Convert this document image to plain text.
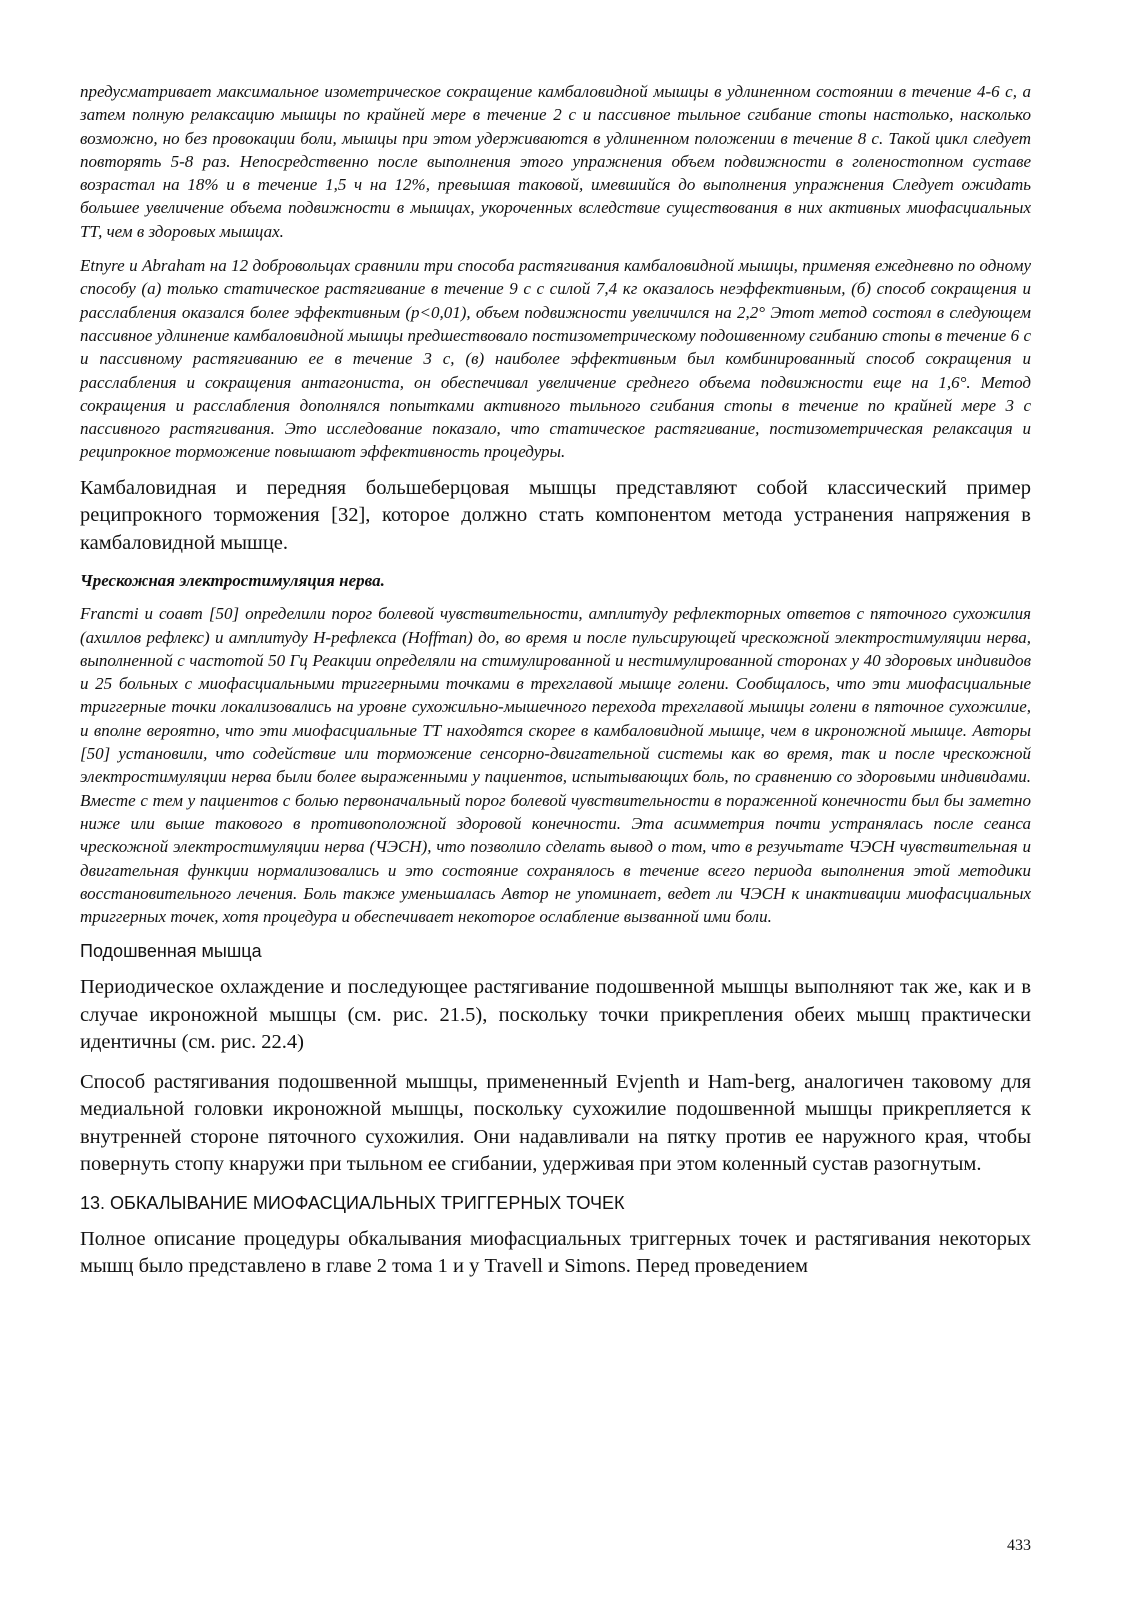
предусматривает максимальное изометрическое сокращение камбаловидной мышцы в удлиненном состоянии в течение 4-6 с, а затем полную релаксацию мышцы по крайней мере в течение 2 с и пассивное тыльное сгибание стопы настолько, насколько возможно, но без провокации боли, мышцы при этом удерживаются в удлиненном положении в течение 8 с. Такой цикл следует повторять 5-8 раз. Непосредственно после выполнения этого упражнения объем подвижности в голеностопном суставе возрастал на 18% и в течение 1,5 ч на 12%, превышая таковой, имевшийся до выполнения упражнения Следует ожидать большее увеличение объема подвижности в мышцах, укороченных вследствие существования в них активных миофасциальных ТТ, чем в здоровых мышцах.

Etnyre и Abraham на 12 добровольцах сравнили три способа растягивания камбаловидной мышцы, применяя ежедневно по одному способу (а) только статическое растягивание в течение 9 с с силой 7,4 кг оказалось неэффективным, (б) способ сокращения и расслабления оказался более эффективным (p<0,01), объем подвижности увеличился на 2,2° Этот метод состоял в следующем пассивное удлинение камбаловидной мышцы предшествовало постизометрическому подошвенному сгибанию стопы в течение 6 с и пассивному растягиванию ее в течение 3 с, (в) наиболее эффективным был комбинированный способ сокращения и расслабления и сокращения антагониста, он обеспечивал увеличение среднего объема подвижности еще на 1,6°. Метод сокращения и расслабления дополнялся попытками активного тыльного сгибания стопы в течение по крайней мере 3 с пассивного растягивания. Это исследование показало, что статическое растягивание, постизометрическая релаксация и реципрокное торможение повышают эффективность процедуры.

Камбаловидная и передняя большеберцовая мышцы представляют собой классический пример реципрокного торможения [32], которое должно стать компонентом метода устранения напряжения в камбаловидной мышце.

Чрескожная электростимуляция нерва.

Francmi и соавт [50] определили порог болевой чувствительности, амплитуду рефлекторных ответов с пяточного сухожилия (ахиллов рефлекс) и амплитуду Н-рефлекса (Hoffman) до, во время и после пульсирующей чрескожной электростимуляции нерва, выполненной с частотой 50 Гц Реакции определяли на стимулированной и нестимулированной сторонах у 40 здоровых индивидов и 25 больных с миофасциальными триггерными точками в трехглавой мышце голени. Сообщалось, что эти миофасциальные триггерные точки локализовались на уровне сухожильно-мышечного перехода трехглавой мышцы голени в пяточное сухожилие, и вполне вероятно, что эти миофасциальные ТТ находятся скорее в камбаловидной мышце, чем в икроножной мышце. Авторы [50] установили, что содействие или торможение сенсорно-двигательной системы как во время, так и после чрескожной электростимуляции нерва были более выраженными у пациентов, испытывающих боль, по сравнению со здоровыми индивидами. Вместе с тем у пациентов с болью первоначальный порог болевой чувствительности в пораженной конечности был бы заметно ниже или выше таковогo в противоположной здоровой конечности. Эта асимметрия почти устранялась после сеанса чрескожной электростимуляции нерва (ЧЭСН), что позволило сделать вывод о том, что в резучьтате ЧЭСН чувствительная и двигательная функции нормализовались и это состояние сохранялось в течение всего периода выполнения этой методики восстановительного лечения. Боль также уменьшалась Автор не упоминает, ведет ли ЧЭСН к инактивации миофасциальных триггерных точек, хотя процедура и обеспечивает некоторое ослабление вызванной ими боли.

Подошвенная мышца

Периодическое охлаждение и последующее растягивание подошвенной мышцы выполняют так же, как и в случае икроножной мышцы (см. рис. 21.5), поскольку точки прикрепления обеих мышц практически идентичны (см. рис. 22.4)

Способ растягивания подошвенной мышцы, примененный Evjenth и Ham-berg, аналогичен таковому для медиальной головки икроножной мышцы, поскольку сухожилие подошвенной мышцы прикрепляется к внутренней стороне пяточного сухожилия. Они надавливали на пятку против ее наружного края, чтобы повернуть стопу кнаружи при тыльном ее сгибании, удерживая при этом коленный сустав разогнутым.

13. ОБКАЛЫВАНИЕ МИОФАСЦИАЛЬНЫХ ТРИГГЕРНЫХ ТОЧЕК

Полное описание процедуры обкалывания миофасциальных триггерных точек и растягивания некоторых мышц было представлено в главе 2 тома 1 и у Travell и Simons. Перед проведением

433
